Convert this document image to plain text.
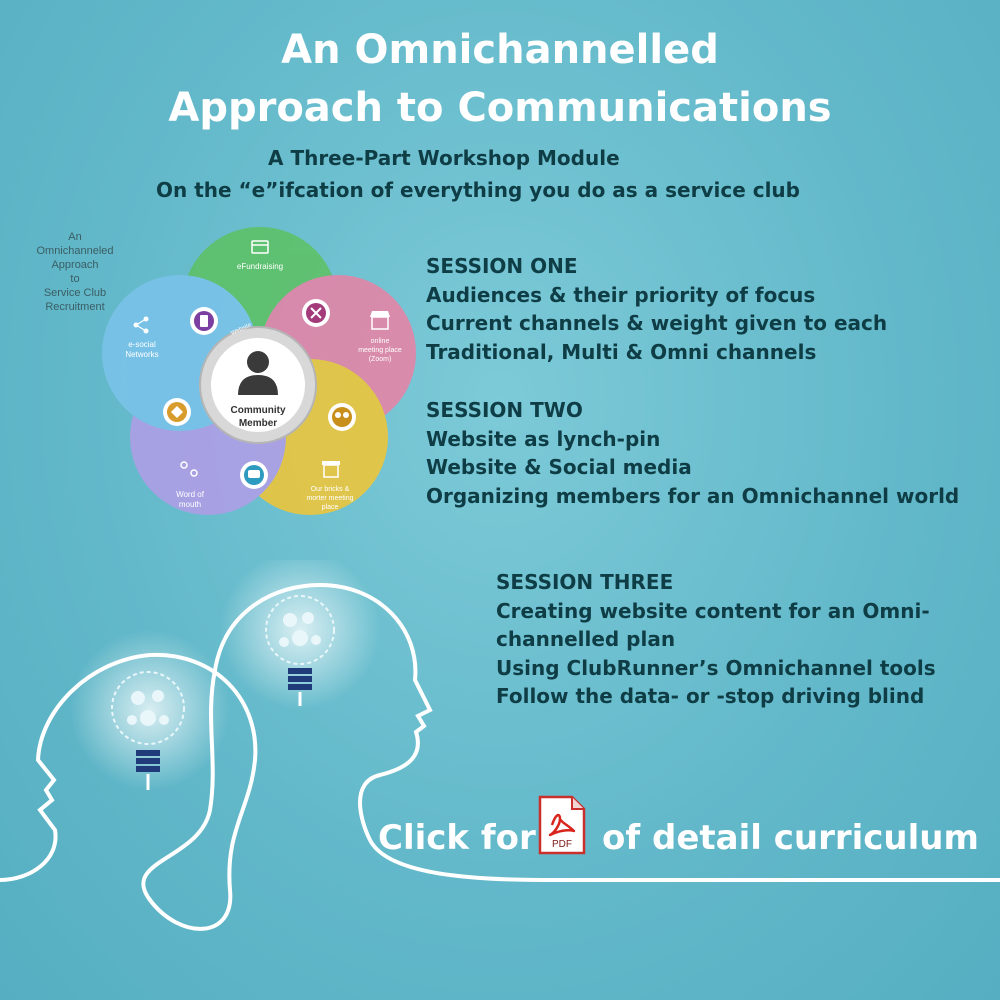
An Omnichannelled
Approach to Communications
A Three-Part Workshop Module
On the “e”ifcation of everything you do as a service club
An
Omnichanneled
Approach
to
Service Club
Recruitment
Community
Member
Website
eFundraising
online
meeting place
(Zoom)
Our bricks &
morter meeting
place
Word of
mouth
e-social
Networks
SESSION ONE
Audiences & their priority of focus
Current channels & weight given to each
Traditional, Multi & Omni channels
SESSION TWO
Website as lynch-pin
Website & Social media
Organizing members for an Omnichannel world
SESSION THREE
Creating website content for an Omni-
channelled plan
Using ClubRunner’s Omnichannel tools
Follow the data- or -stop driving blind
Click for PDF of detail curriculum
